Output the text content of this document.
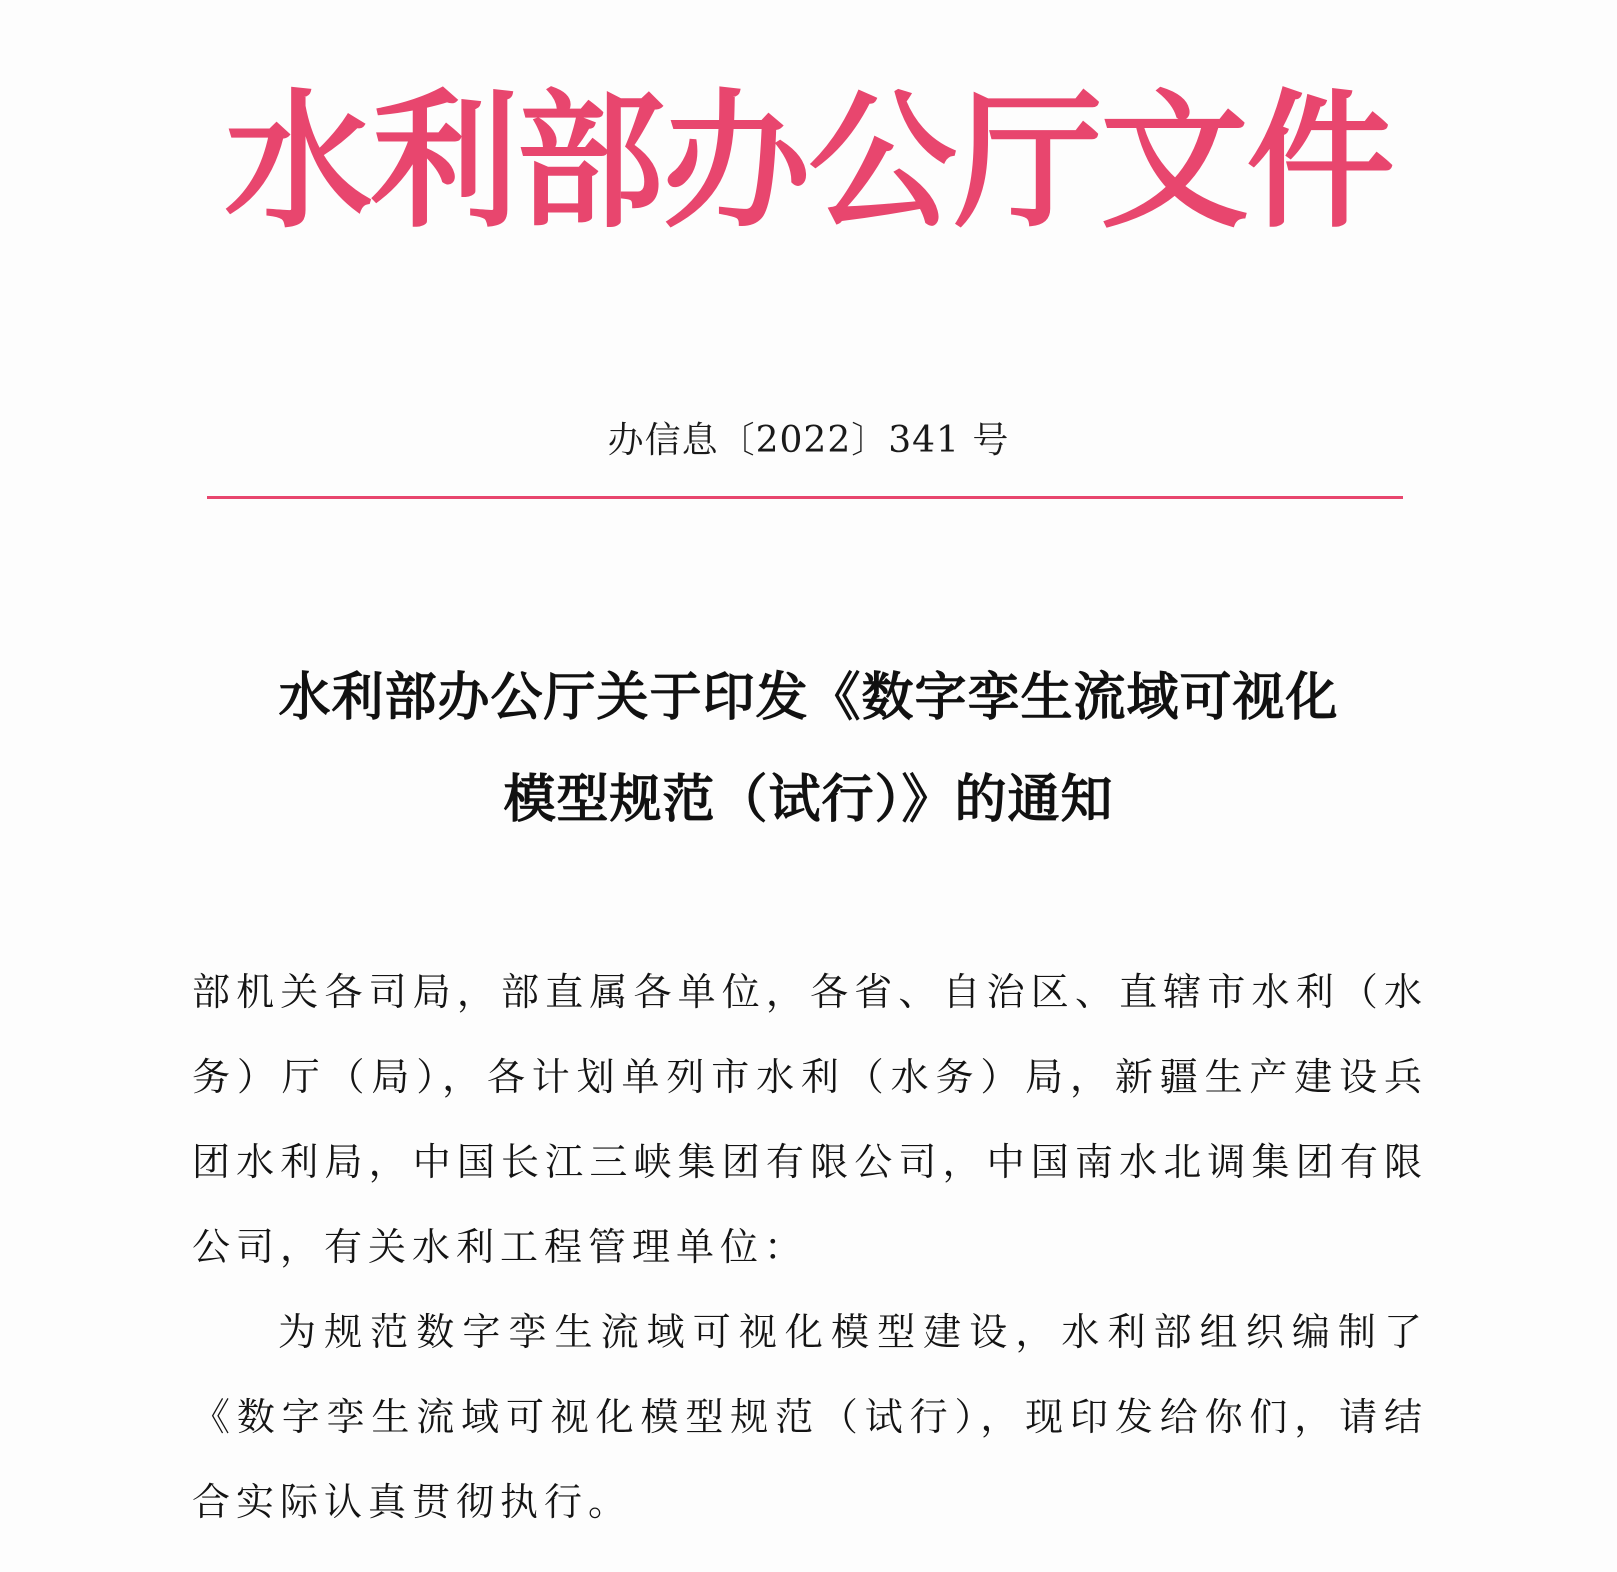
水利部办公厅文件
办信息〔2022〕341 号
水利部办公厅关于印发《数字孪生流域可视化
模型规范（试行）》的通知

部机关各司局，部直属各单位，各省、自治区、直辖市水利（水务）厅（局），各计划单列市水利（水务）局，新疆生产建设兵团水利局，中国长江三峡集团有限公司，中国南水北调集团有限公司，有关水利工程管理单位：

为规范数字孪生流域可视化模型建设，水利部组织编制了《数字孪生流域可视化模型规范（试行），现印发给你们，请结合实际认真贯彻执行。
